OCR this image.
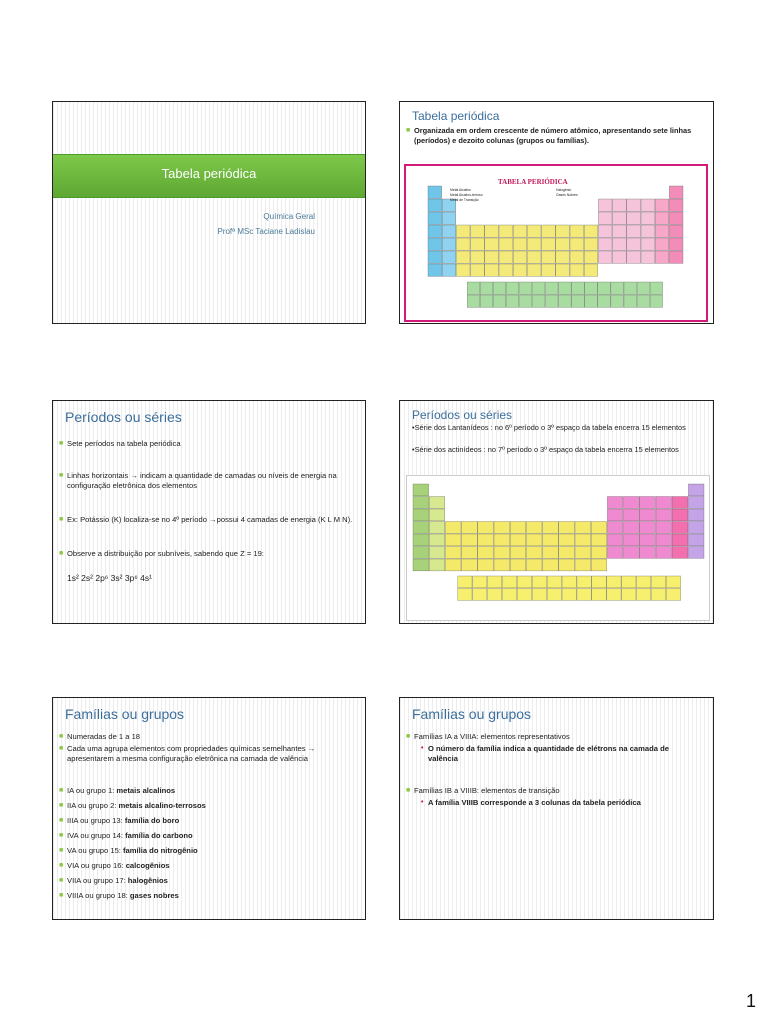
Tabela periódica
Química Geral
Profª MSc Taciane Ladislau
Tabela periódica
■ Organizada em ordem crescente de número atômico, apresentando sete linhas (períodos) e dezoito colunas (grupos ou famílias).
TABELA PERIÓDICA
Metal Alcalino
Metal Alcalino-terroso
Metal de Transição
Halogênio
Gases Nobres
Períodos ou séries
■ Sete períodos na tabela periódica
■ Linhas horizontais → indicam a quantidade de camadas ou níveis de energia na configuração eletrônica dos elementos
■ Ex: Potássio (K) localiza-se no 4º período →possui 4 camadas de energia (K L M N).
■ Observe a distribuição por subníveis, sabendo que Z = 19:
1s² 2s² 2p⁶ 3s² 3p⁶ 4s¹
Períodos ou séries
•Série dos Lantanídeos : no 6º período o 3º espaço da tabela encerra 15 elementos
•Série dos actinídeos : no 7º período o 3º espaço da tabela encerra 15 elementos
Famílias ou grupos
■ Numeradas de 1 a 18
■ Cada uma agrupa elementos com propriedades químicas semelhantes → apresentarem a mesma configuração eletrônica na camada de valência
■ IA ou grupo 1: metais alcalinos
■ IIA ou grupo 2: metais alcalino-terrosos
■ IIIA ou grupo 13: família do boro
■ IVA ou grupo 14: família do carbono
■ VA ou grupo 15: família do nitrogênio
■ VIA ou grupo 16: calcogênios
■ VIIA ou grupo 17: halogênios
■ VIIIA ou grupo 18: gases nobres
Famílias ou grupos
■ Famílias IA a VIIIA: elementos representativos
• O número da família indica a quantidade de elétrons na camada de valência
■ Famílias IB a VIIIB: elementos de transição
• A família VIIIB corresponde a 3 colunas da tabela periódica
1
